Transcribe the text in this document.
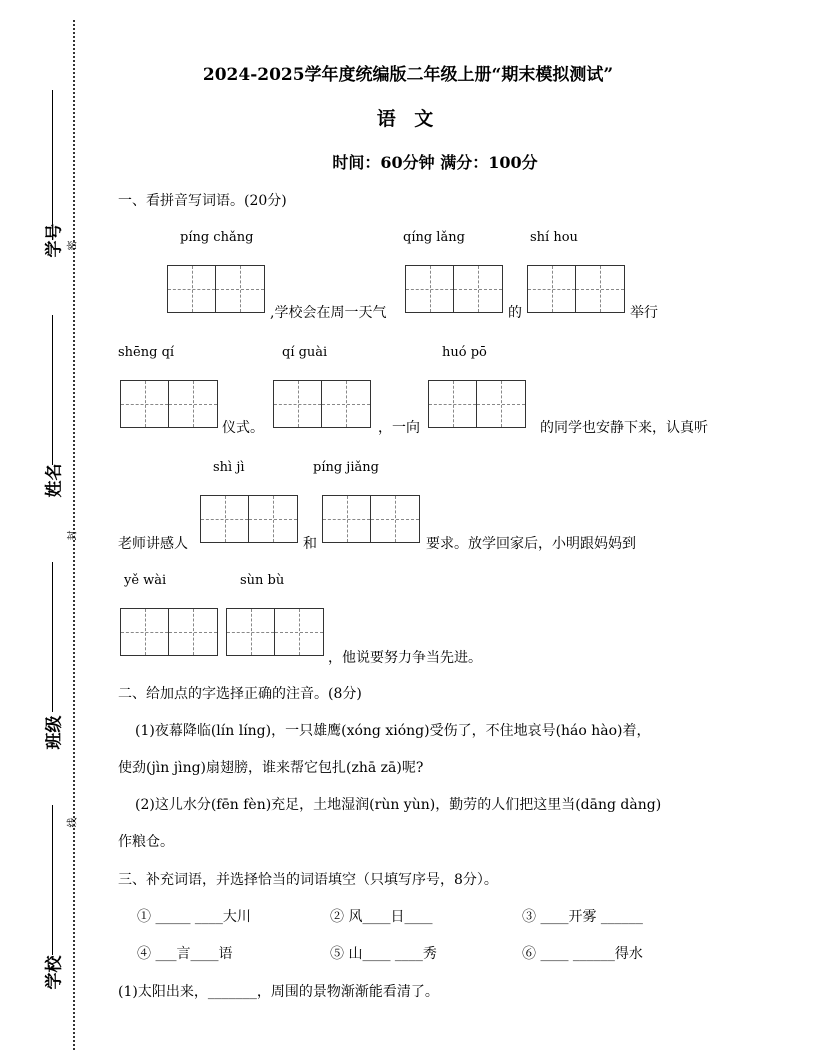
学号 密
姓名
封
班级
线
学校
2024-2025学年度统编版二年级上册“期末模拟测试”
语 文
时间：60分钟 满分：100分
一、看拼音写词语。(20分)
píng chǎng	qíng lǎng	shí hou
,学校会在周一天气	的	举行
shēng qí	qí guài	huó pō
仪式。	，一向	的同学也安静下来，认真听
shì jì	píng jiǎng
老师讲感人	和	要求。放学回家后，小明跟妈妈到
yě wài	sùn bù
，他说要努力争当先进。
二、给加点的字选择正确的注音。(8分)
(1)夜幕降临(lín líng)，一只雄鹰(xóng xióng)受伤了，不住地哀号(háo hào)着，
使劲(jìn jìng)扇翅膀，谁来帮它包扎(zhā zā)呢?
(2)这儿水分(fēn fèn)充足，土地湿润(rùn yùn)，勤劳的人们把这里当(dāng dàng)
作粮仓。
三、补充词语，并选择恰当的词语填空（只填写序号，8分）。
① _____ ____大川	② 风____日____	③ ____开雾 ______
④ ___言____语	⑤ 山____ ____秀	⑥ ____ ______得水
(1)太阳出来，_______，周围的景物渐渐能看清了。
